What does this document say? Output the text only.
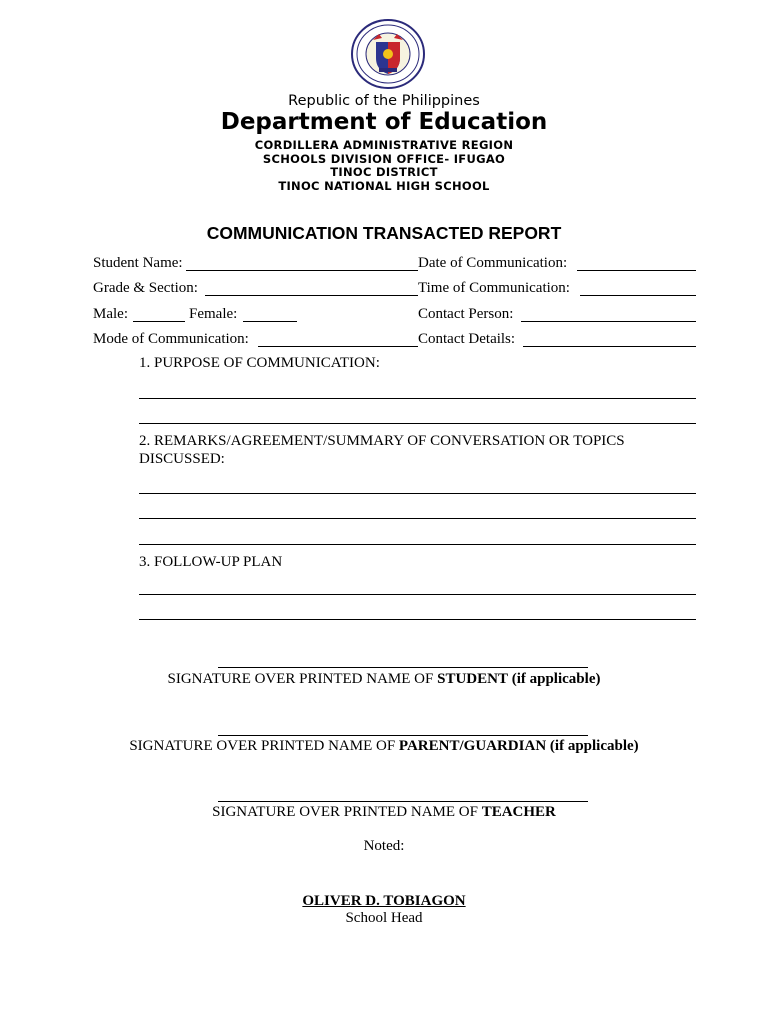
Republic of the Philippines
Department of Education
CORDILLERA ADMINISTRATIVE REGION
SCHOOLS DIVISION OFFICE- IFUGAO
TINOC DISTRICT
TINOC NATIONAL HIGH SCHOOL
COMMUNICATION TRANSACTED REPORT
Student Name:	Date of Communication:
Grade & Section:	Time of Communication:
Male:	Female:	Contact Person:
Mode of Communication:	Contact Details:
1. PURPOSE OF COMMUNICATION:
2. REMARKS/AGREEMENT/SUMMARY OF CONVERSATION OR TOPICS
DISCUSSED:
3. FOLLOW-UP PLAN
SIGNATURE OVER PRINTED NAME OF STUDENT (if applicable)
SIGNATURE OVER PRINTED NAME OF PARENT/GUARDIAN (if applicable)
SIGNATURE OVER PRINTED NAME OF TEACHER
Noted:
OLIVER D. TOBIAGON
School Head
